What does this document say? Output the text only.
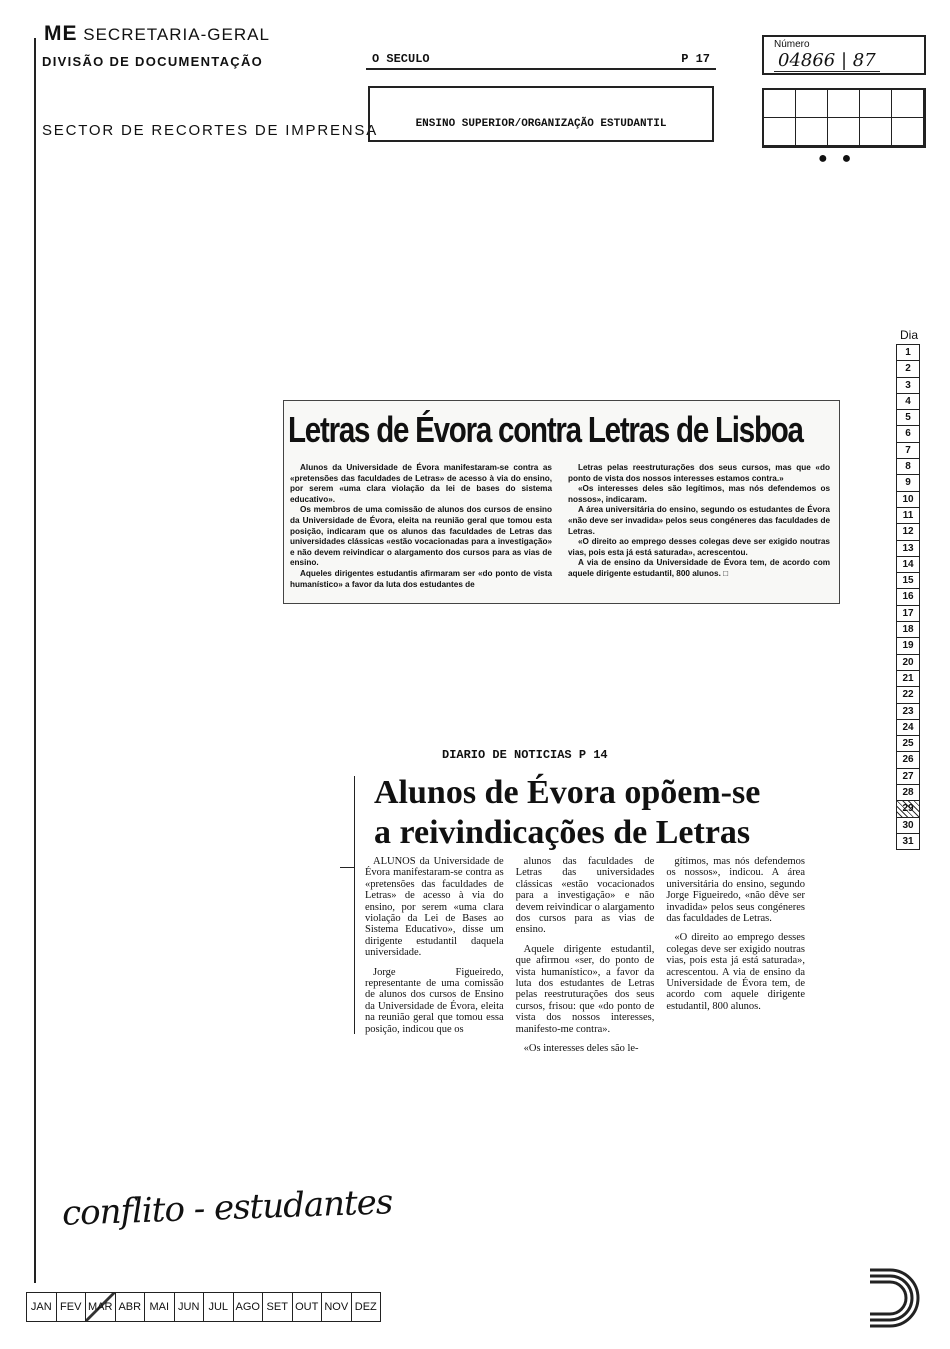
ME SECRETARIA-GERAL
DIVISÃO DE DOCUMENTAÇÃO
SECTOR DE RECORTES DE IMPRENSA
O SECULO	P 17
ENSINO SUPERIOR/ORGANIZAÇÃO ESTUDANTIL
Número
04866 | 87
●●
Dia
1
2
3
4
5
6
7
8
9
10
11
12
13
14
15
16
17
18
19
20
21
22
23
24
25
26
27
28
29
30
31
Letras de Évora contra Letras de Lisboa

Alunos da Universidade de Évora manifestaram-se contra as «pretensões das faculdades de Letras» de acesso à via do ensino, por serem «uma clara violação da lei de bases do sistema educativo».

Os membros de uma comissão de alunos dos cursos de ensino da Universidade de Évora, eleita na reunião geral que tomou esta posição, indicaram que os alunos das faculdades de Letras das universidades clássicas «estão vocacionadas para a investigação» e não devem reivindicar o alargamento dos cursos para as vias de ensino.

Aqueles dirigentes estudantis afirmaram ser «do ponto de vista humanístico» a favor da luta dos estudantes de

Letras pelas reestruturações dos seus cursos, mas que «do ponto de vista dos nossos interesses estamos contra.»

«Os interesses deles são legítimos, mas nós defendemos os nossos», indicaram.

A área universitária do ensino, segundo os estudantes de Évora «não deve ser invadida» pelos seus congéneres das faculdades de Letras.

«O direito ao emprego desses colegas deve ser exigido noutras vias, pois esta já está saturada», acrescentou.

A via de ensino da Universidade de Évora tem, de acordo com aquele dirigente estudantil, 800 alunos. □

DIARIO DE NOTICIAS P 14
—
Alunos de Évora opõem-se
a reivindicações de Letras

ALUNOS da Universidade de Évora manifestaram-se contra as «pretensões das faculdades de Letras» de acesso à via do ensino, por serem «uma clara violação da Lei de Bases ao Sistema Educativo», disse um dirigente estudantil daquela universidade.

Jorge Figueiredo, representante de uma comissão de alunos dos cursos de Ensino da Universidade de Évora, eleita na reunião geral que tomou essa posição, indicou que os

alunos das faculdades de Letras das universidades clássicas «estão vocacionados para a investigação» e não devem reivindicar o alargamento dos cursos para as vias de ensino.

Aquele dirigente estudantil, que afirmou «ser, do ponto de vista humanístico», a favor da luta dos estudantes de Letras pelas reestruturações dos seus cursos, frisou: que «do ponto de vista dos nossos interesses, manifesto-me contra».

«Os interesses deles são le-

gítimos, mas nós defendemos os nossos», indicou. A área universitária do ensino, segundo Jorge Figueiredo, «não dêve ser invadida» pelos seus congéneres das faculdades de Letras.

«O direito ao emprego desses colegas deve ser exigido noutras vias, pois esta já está saturada», acrescentou. A via de ensino da Universidade de Évora tem, de acordo com aquele dirigente estudantil, 800 alunos.

conflito - estudantes
JAN FEV MAR ABR MAI JUN JUL AGO SET OUT NOV DEZ
